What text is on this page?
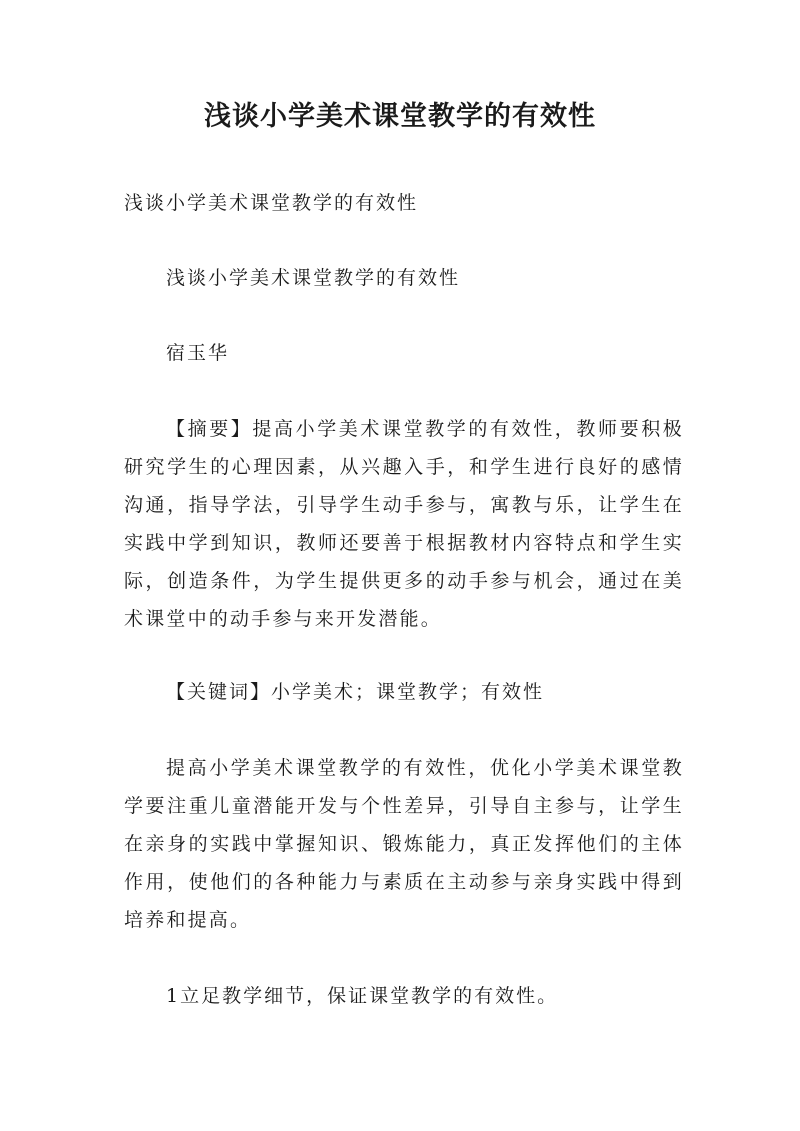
浅谈小学美术课堂教学的有效性
浅谈小学美术课堂教学的有效性
浅谈小学美术课堂教学的有效性
宿玉华
【摘要】提高小学美术课堂教学的有效性，教师要积极研究学生的心理因素，从兴趣入手，和学生进行良好的感情沟通，指导学法，引导学生动手参与，寓教与乐，让学生在实践中学到知识，教师还要善于根据教材内容特点和学生实际，创造条件，为学生提供更多的动手参与机会，通过在美术课堂中的动手参与来开发潜能。
【关键词】小学美术；课堂教学；有效性
提高小学美术课堂教学的有效性，优化小学美术课堂教学要注重儿童潜能开发与个性差异，引导自主参与，让学生在亲身的实践中掌握知识、锻炼能力，真正发挥他们的主体作用，使他们的各种能力与素质在主动参与亲身实践中得到培养和提高。
1立足教学细节，保证课堂教学的有效性。
